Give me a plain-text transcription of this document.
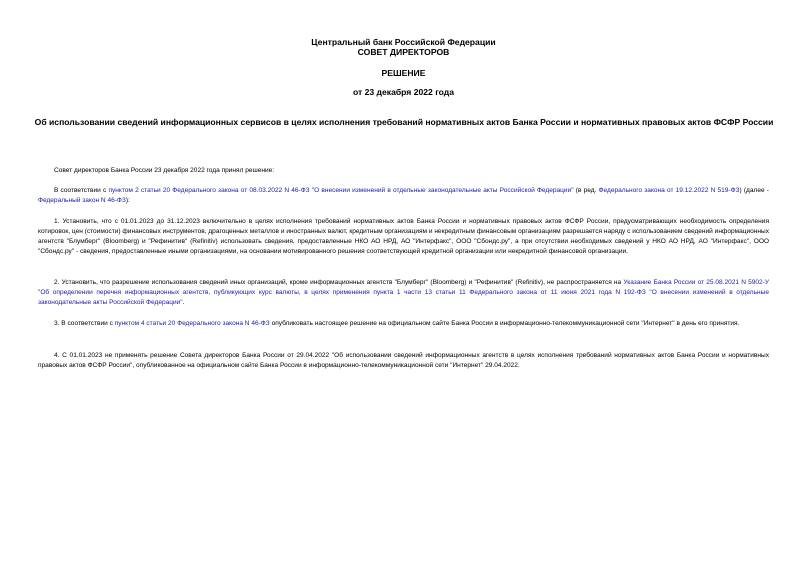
Центральный банк Российской Федерации
СОВЕТ ДИРЕКТОРОВ
РЕШЕНИЕ
от 23 декабря 2022 года
Об использовании сведений информационных сервисов в целях исполнения требований нормативных актов Банка России и нормативных правовых актов ФСФР России
Совет директоров Банка России 23 декабря 2022 года принял решение:
В соответствии с пунктом 2 статьи 20 Федерального закона от 08.03.2022 N 46-ФЗ "О внесении изменений в отдельные законодательные акты Российской Федерации" (в ред. Федерального закона от 19.12.2022 N 519-ФЗ) (далее - Федеральный закон N 46-ФЗ):
1. Установить, что с 01.01.2023 до 31.12.2023 включительно в целях исполнения требований нормативных актов Банка России и нормативных правовых актов ФСФР России, предусматривающих необходимость определения котировок, цен (стоимости) финансовых инструментов, драгоценных металлов и иностранных валют, кредитным организациям и некредитным финансовым организациям разрешается наряду с использованием сведений информационных агентств "Блумберг" (Bloomberg) и "Рефинитив" (Refinitiv) использовать сведения, предоставленные НКО АО НРД, АО "Интерфакс", ООО "Сбондс.ру", а при отсутствии необходимых сведений у НКО АО НРД, АО "Интерфакс", ООО "Сбондс.ру" - сведения, предоставленные иными организациями, на основании мотивированного решения соответствующей кредитной организации или некредитной финансовой организации.
2. Установить, что разрешение использования сведений иных организаций, кроме информационных агентств "Блумберг" (Bloomberg) и "Рефинитив" (Refinitiv), не распространяется на Указание Банка России от 25.08.2021 N 5902-У "Об определении перечня информационных агентств, публикующих курс валюты, в целях применения пункта 1 части 13 статьи 11 Федерального закона от 11 июня 2021 года N 192-ФЗ "О внесении изменений в отдельные законодательные акты Российской Федерации".
3. В соответствии с пунктом 4 статьи 20 Федерального закона N 46-ФЗ опубликовать настоящее решение на официальном сайте Банка России в информационно-телекоммуникационной сети "Интернет" в день его принятия.
4. С 01.01.2023 не применять решение Совета директоров Банка России от 29.04.2022 "Об использовании сведений информационных агентств в целях исполнения требований нормативных актов Банка России и нормативных правовых актов ФСФР России", опубликованное на официальном сайте Банка России в информационно-телекоммуникационной сети "Интернет" 29.04.2022.
